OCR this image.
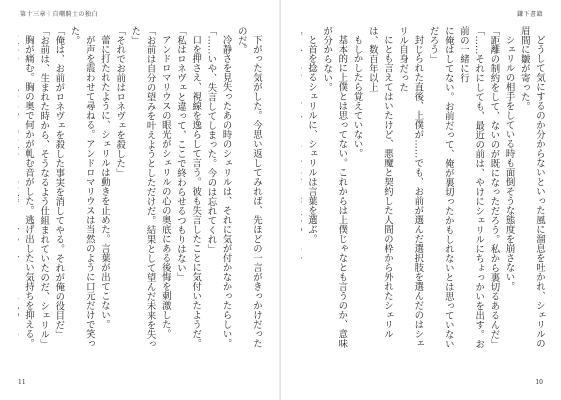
第十三章｜自嘲騎士の独白

下がった気がした。今思い返してみれば、先ほどの一言がきっかけだったのだ。

冷静さを見失ったあの時のシェリルは、それに気が付かなかったらしい。

「……いや、失言してしまった。今のは忘れてくれ」

口を押さえ、視線を逸らして言う。彼も失言したことに気付いたようだ。

「私はロネヴェと違って、ここで終わらせるつもりはない」

アンドロマリウスの眼光がシェリルの心の奥底にある後悔を刺激した。

「お前は自分の望みを叶えようとしただけだ。結果として望んだ未来を失った」

「それでお前はロネヴェを殺した」

蕾に打たれたように、シェリルは動きを止めた。言葉が出てこない。

が声を震わせて尋ねる。アンドロマリウスは当然のように口元だけで笑った。

「俺は、お前がロネヴェを殺した事実を消してやる。それが俺の役目だ」

「お前は、生まれた時から、そうなるよう仕組まれていたのだ、シェリル」

胸が痛む。胸の奥で何かが軋む音がした。逃げ出したい気持ちを抑える。

11
鎌下書籍

どうして気にするのか分からないといった風に溜息を吐かれ、シェリルの眉間に皺が寄った。

シェリルの相手をしている時も面倒そうな態度を崩さない。

「距離の制約をして、ないのが既になっただろう。私から裏切るあるんだ」

「……それにしても、最近の前は、やけにシェリルにちょっかいを出す。お前の一緒に行

に俺はしてない。お前だって、俺が裏切ったかもしれないとは思っていないだろう」

封じられた直後、上僕が……でも、お前が選んだ選択肢を選んだのはシェリル自身だった

にとも言えてはいたけど、悪魔と契約した人間の枠から外れたシェリルは、数百年以上

もしかしたら覚えていない。

基本的に上僕とは思ってない。これからは上僕じゃなとも言うのか、意味が分からない。

と首を捻るシェリルに、シェリルは言葉を選ぶ。

10
